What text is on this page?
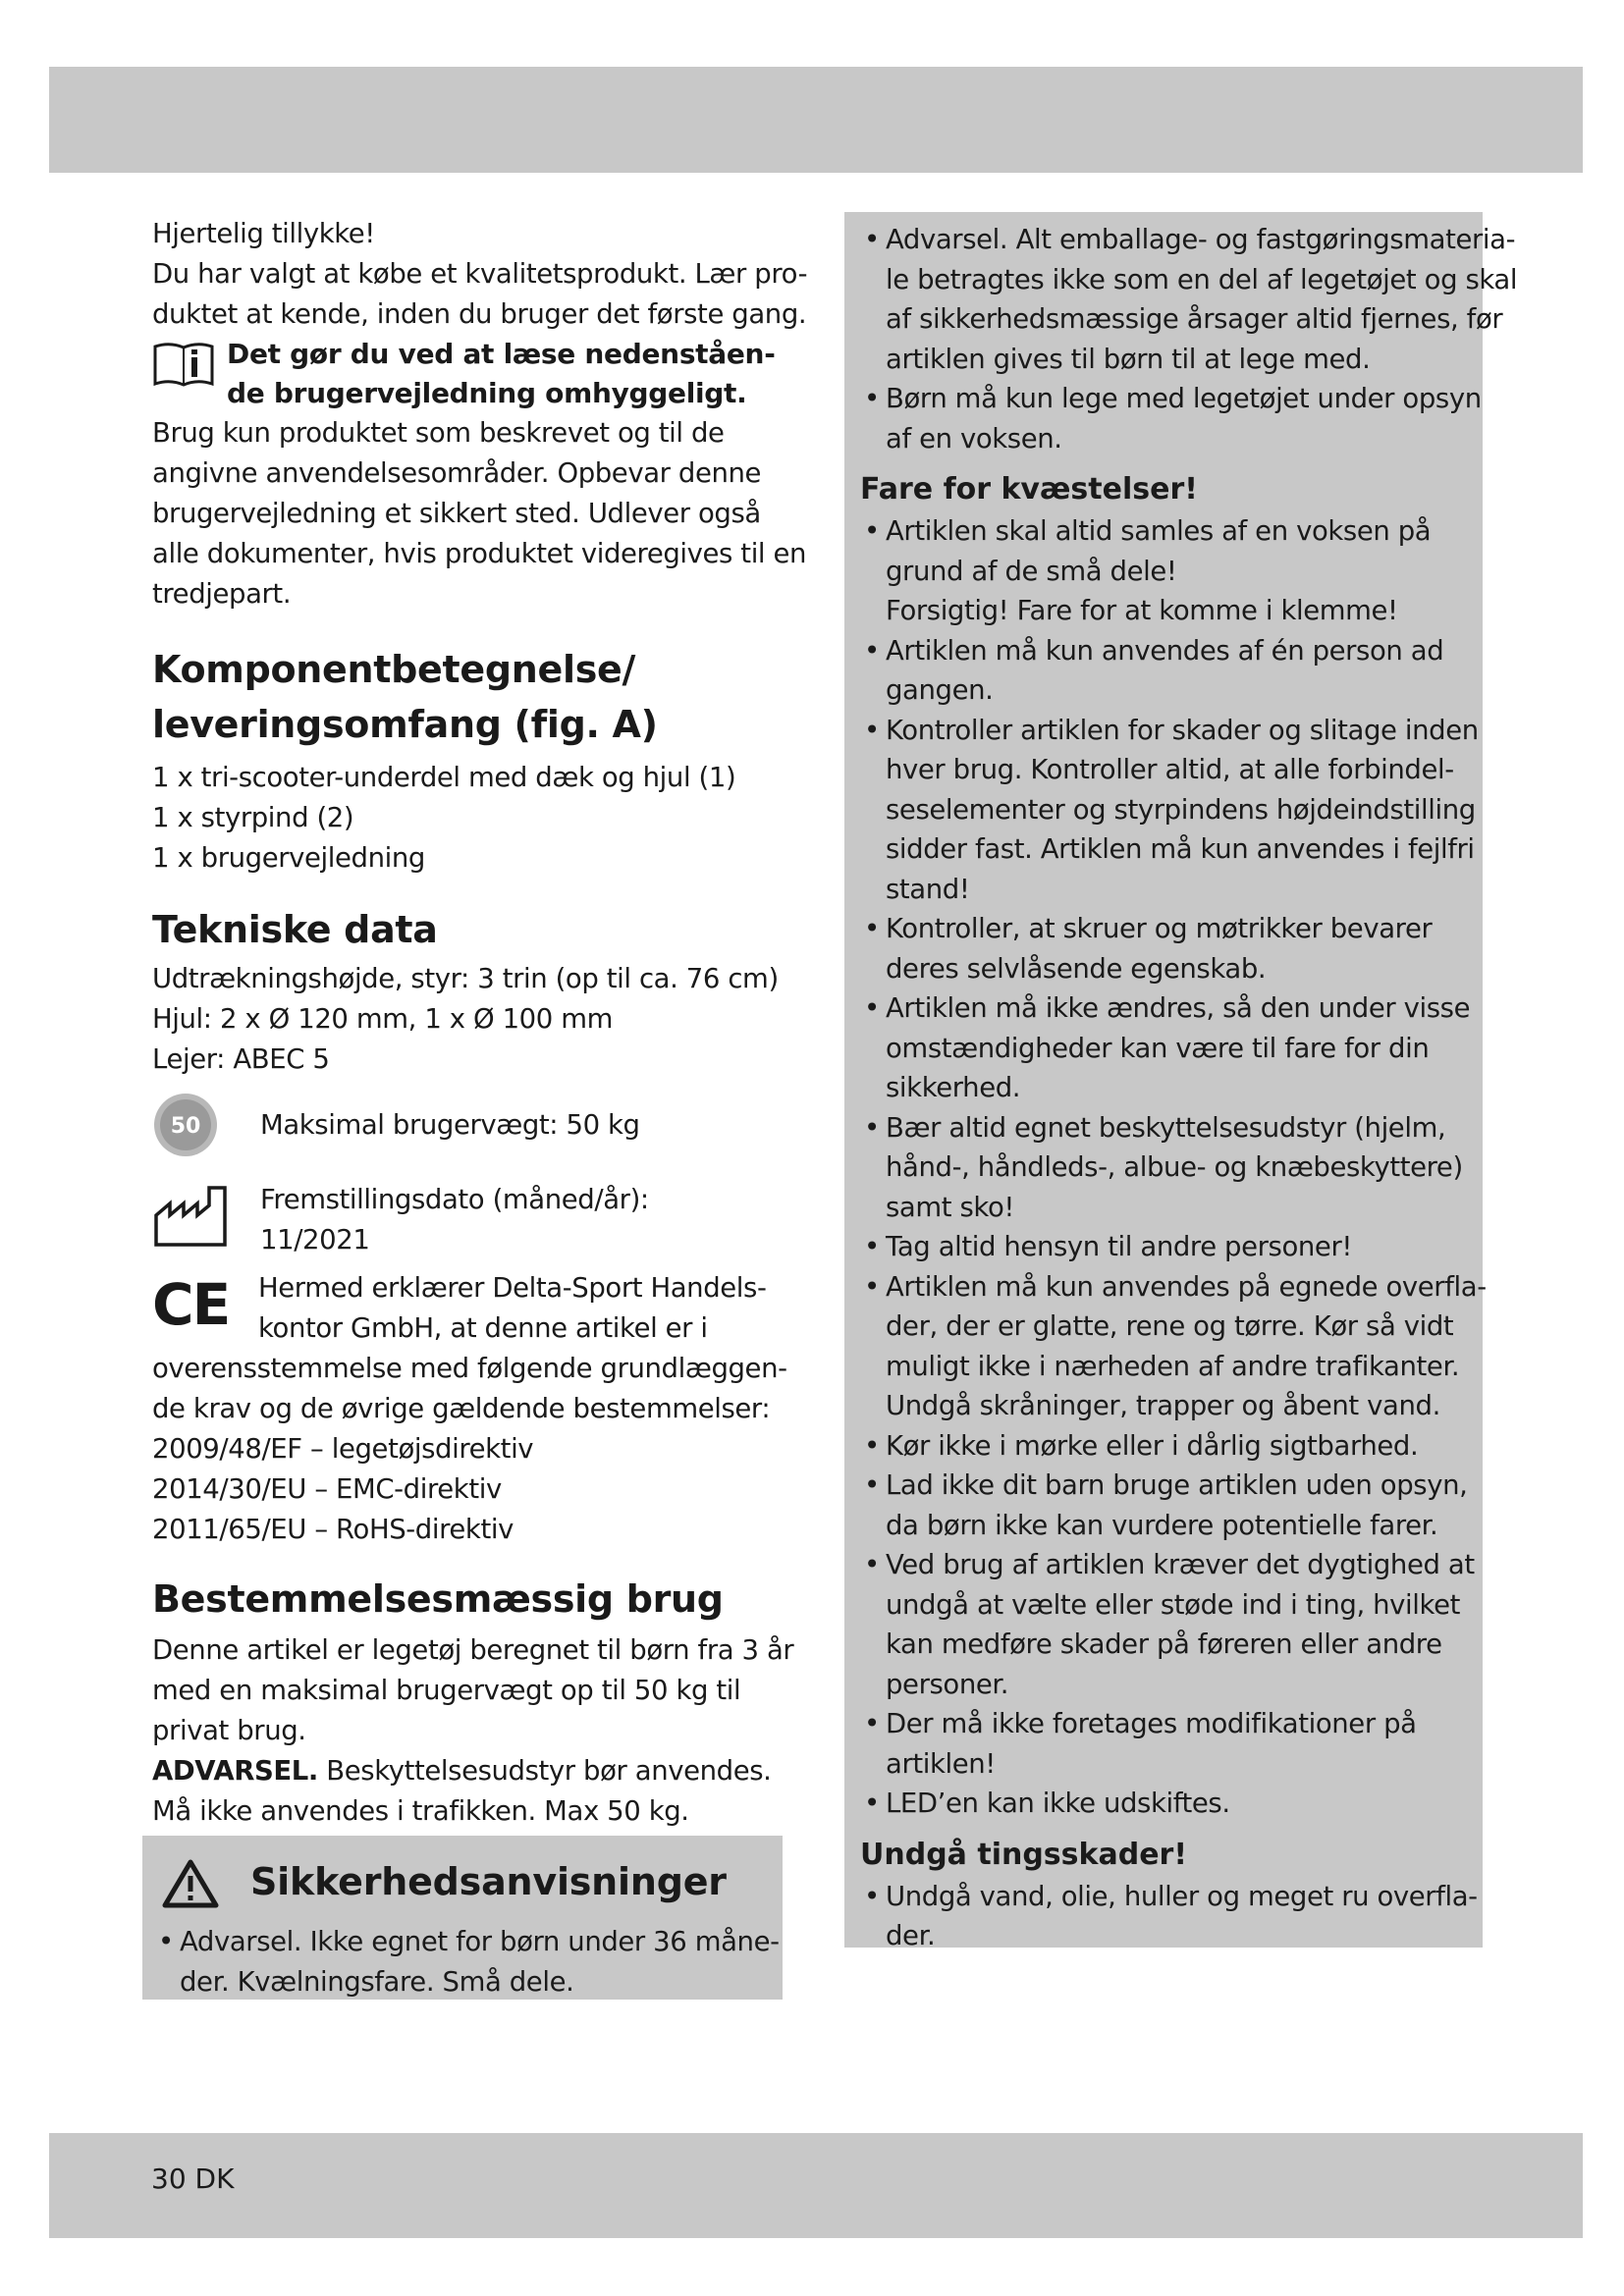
Hjertelig tillykke!

Du har valgt at købe et kvalitetsprodukt. Lær pro-
duktet at kende, inden du bruger det første gang.

Det gør du ved at læse nedenståen-
de brugervejledning omhyggeligt.

Brug kun produktet som beskrevet og til de
angivne anvendelsesområder. Opbevar denne
brugervejledning et sikkert sted. Udlever også
alle dokumenter, hvis produktet videregives til en
tredjepart.

Komponentbetegnelse/
leveringsomfang (fig. A)

1 x tri-scooter-underdel med dæk og hjul (1)
1 x styrpind (2)
1 x brugervejledning

Tekniske data

Udtrækningshøjde, styr: 3 trin (op til ca. 76 cm)
Hjul: 2 x Ø 120 mm, 1 x Ø 100 mm
Lejer: ABEC 5

50 Maksimal brugervægt: 50 kg
Fremstillingsdato (måned/år):
11/2021
CE Hermed erklærer Delta-Sport Handels-
kontor GmbH, at denne artikel er i

overensstemmelse med følgende grundlæggen-
de krav og de øvrige gældende bestemmelser:

2009/48/EF – legetøjsdirektiv
2014/30/EU – EMC-direktiv
2011/65/EU – RoHS-direktiv

Bestemmelsesmæssig brug

Denne artikel er legetøj beregnet til børn fra 3 år
med en maksimal brugervægt op til 50 kg til
privat brug.

ADVARSEL. Beskyttelsesudstyr bør anvendes.
Må ikke anvendes i trafikken. Max 50 kg.

Sikkerhedsanvisninger
• Advarsel. Ikke egnet for børn under 36 måne-
der. Kvælningsfare. Små dele.
• Advarsel. Alt emballage- og fastgøringsmateria-
le betragtes ikke som en del af legetøjet og skal
af sikkerhedsmæssige årsager altid fjernes, før
artiklen gives til børn til at lege med.
• Børn må kun lege med legetøjet under opsyn
af en voksen.
Fare for kvæstelser!
• Artiklen skal altid samles af en voksen på
grund af de små dele!
Forsigtig! Fare for at komme i klemme!
• Artiklen må kun anvendes af én person ad
gangen.
• Kontroller artiklen for skader og slitage inden
hver brug. Kontroller altid, at alle forbindel-
seselementer og styrpindens højdeindstilling
sidder fast. Artiklen må kun anvendes i fejlfri
stand!
• Kontroller, at skruer og møtrikker bevarer
deres selvlåsende egenskab.
• Artiklen må ikke ændres, så den under visse
omstændigheder kan være til fare for din
sikkerhed.
• Bær altid egnet beskyttelsesudstyr (hjelm,
hånd-, håndleds-, albue- og knæbeskyttere)
samt sko!
• Tag altid hensyn til andre personer!
• Artiklen må kun anvendes på egnede overfla-
der, der er glatte, rene og tørre. Kør så vidt
muligt ikke i nærheden af andre trafikanter.
Undgå skråninger, trapper og åbent vand.
• Kør ikke i mørke eller i dårlig sigtbarhed.
• Lad ikke dit barn bruge artiklen uden opsyn,
da børn ikke kan vurdere potentielle farer.
• Ved brug af artiklen kræver det dygtighed at
undgå at vælte eller støde ind i ting, hvilket
kan medføre skader på føreren eller andre
personer.
• Der må ikke foretages modifikationer på
artiklen!
• LED’en kan ikke udskiftes.
Undgå tingsskader!
• Undgå vand, olie, huller og meget ru overfla-
der.
30 DK
